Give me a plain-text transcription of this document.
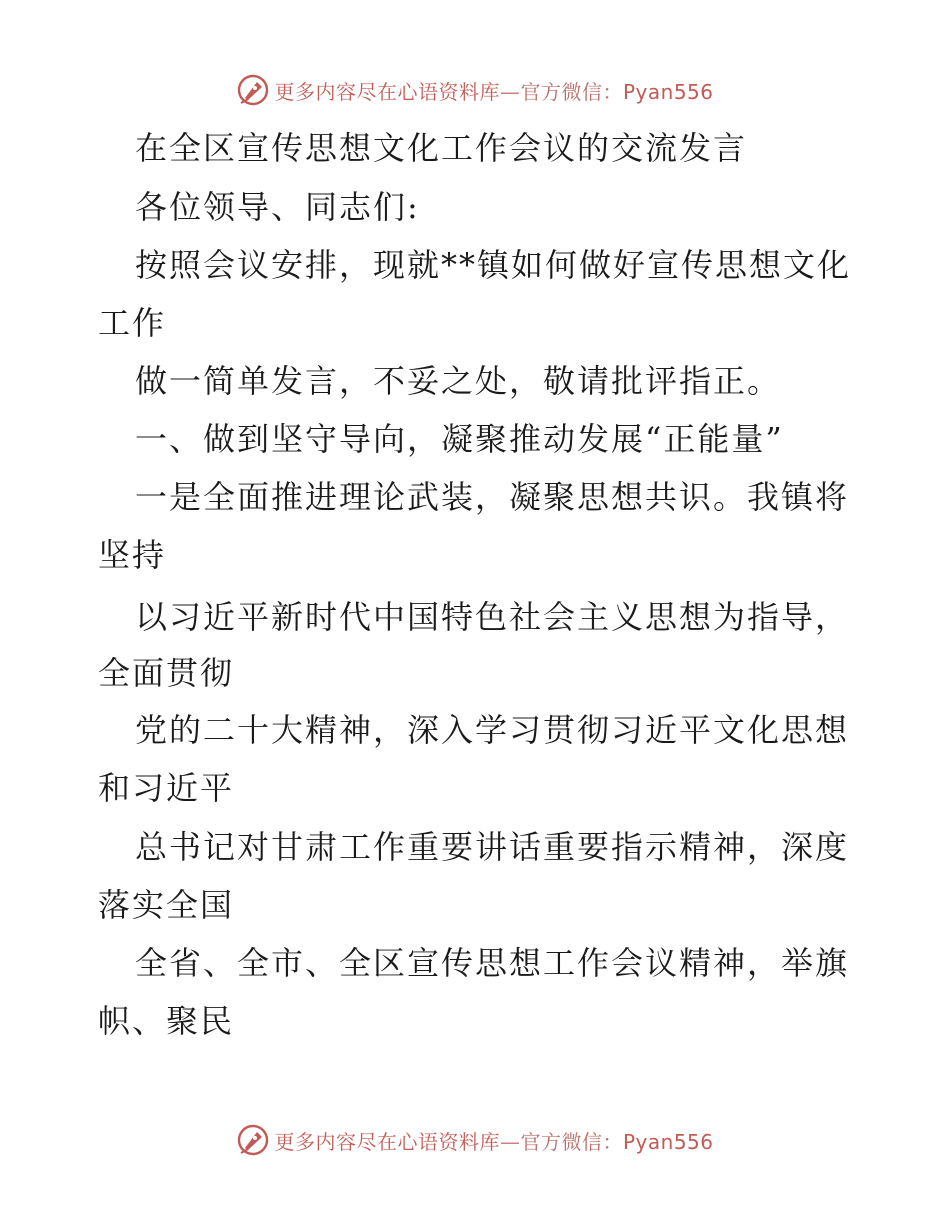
更多内容尽在心语资料库—官方微信：Pyan556
在全区宣传思想文化工作会议的交流发言
各位领导、同志们:
按照会议安排，现就**镇如何做好宣传思想文化
工作
做一简单发言，不妥之处，敬请批评指正。
一、做到坚守导向，凝聚推动发展“正能量”
一是全面推进理论武装，凝聚思想共识。我镇将
坚持
以习近平新时代中国特色社会主义思想为指导，
全面贯彻
党的二十大精神，深入学习贯彻习近平文化思想
和习近平
总书记对甘肃工作重要讲话重要指示精神，深度
落实全国
全省、全市、全区宣传思想工作会议精神，举旗
帜、聚民
更多内容尽在心语资料库—官方微信：Pyan556
